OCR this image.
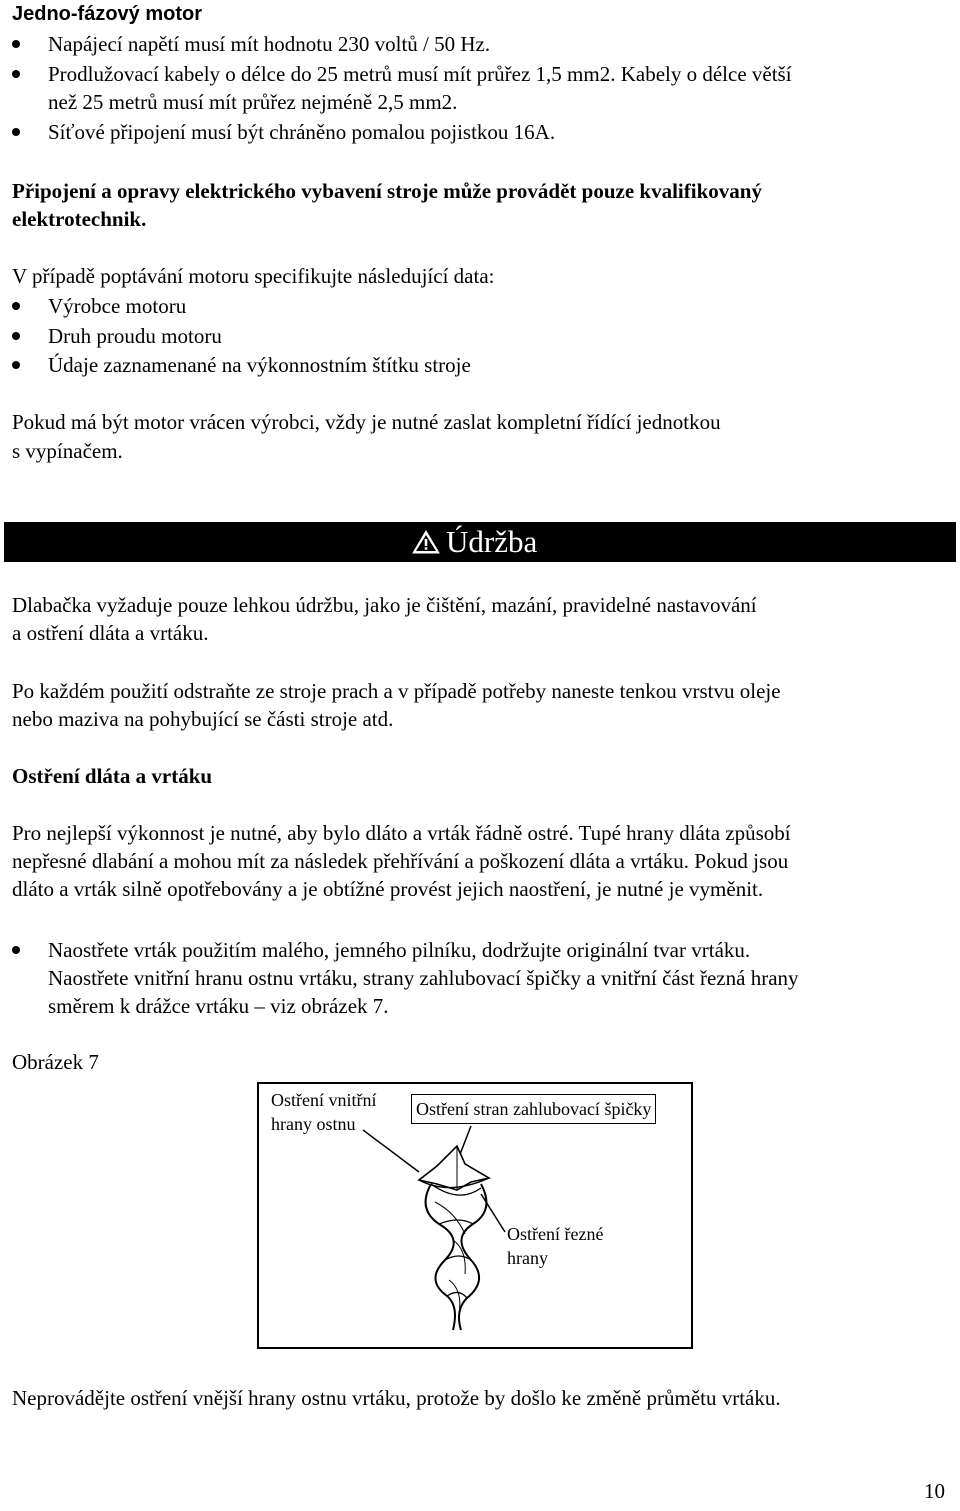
Jedno-fázový motor
Napájecí napětí musí mít hodnotu 230 voltů / 50 Hz.
Prodlužovací kabely o délce do 25 metrů musí mít průřez 1,5 mm2. Kabely o délce větší
než 25 metrů musí mít průřez nejméně 2,5 mm2.
Síťové připojení musí být chráněno pomalou pojistkou 16A.
Připojení a opravy elektrického vybavení stroje může provádět pouze kvalifikovaný
elektrotechnik.
V případě poptávání motoru specifikujte následující data:
Výrobce motoru
Druh proudu motoru
Údaje zaznamenané na výkonnostním štítku stroje
Pokud má být motor vrácen výrobci, vždy je nutné zaslat kompletní řídící jednotkou
s vypínačem.
Údržba
Dlabačka vyžaduje pouze lehkou údržbu, jako je čištění, mazání, pravidelné nastavování
a ostření dláta a vrtáku.
Po každém použití odstraňte ze stroje prach a v případě potřeby naneste tenkou vrstvu oleje
nebo maziva na pohybující se části stroje atd.
Ostření dláta a vrtáku
Pro nejlepší výkonnost je nutné, aby bylo dláto a vrták řádně ostré. Tupé hrany dláta způsobí
nepřesné dlabání a mohou mít za následek přehřívání a poškození dláta a vrtáku. Pokud jsou
dláto a vrták silně opotřebovány a je obtížné provést jejich naostření, je nutné je vyměnit.
Naostřete vrták použitím malého, jemného pilníku, dodržujte originální tvar vrtáku.
Naostřete vnitřní hranu ostnu vrtáku, strany zahlubovací špičky a vnitřní část řezná hrany
směrem k drážce vrtáku – viz obrázek 7.
Obrázek 7
Ostření vnitřní
hrany ostnu
Ostření stran zahlubovací špičky
Ostření řezné
hrany
Neprovádějte ostření vnější hrany ostnu vrtáku, protože by došlo ke změně průmětu vrtáku.
10
